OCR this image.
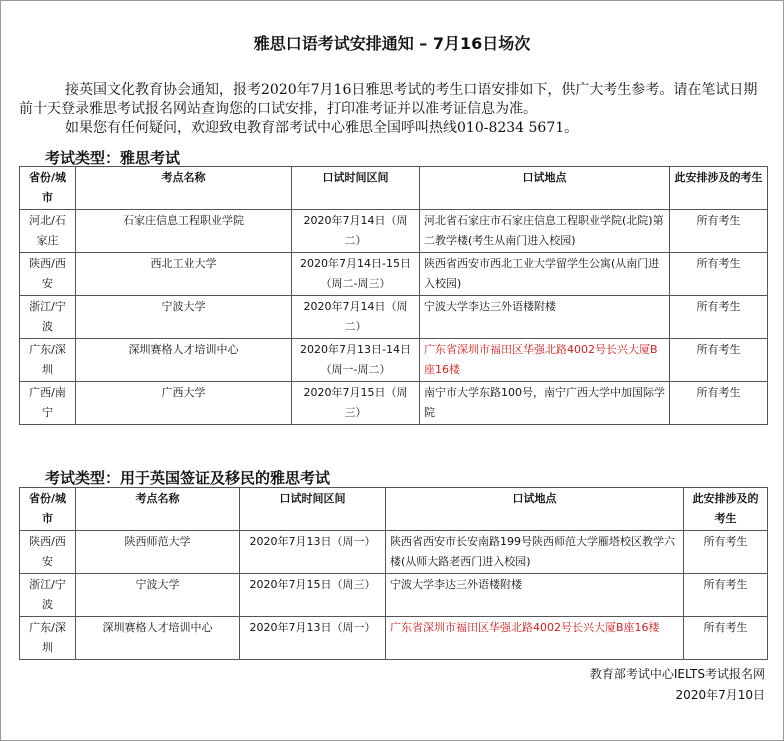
雅思口语考试安排通知 – 7月16日场次

接英国文化教育协会通知，报考2020年7月16日雅思考试的考生口语安排如下，供广大考生参考。请在笔试日期前十天登录雅思考试报名网站查询您的口试安排，打印准考证并以准考证信息为准。

如果您有任何疑问，欢迎致电教育部考试中心雅思全国呼叫热线010-8234 5671。

考试类型：雅思考试
省份/城市	考点名称	口试时间区间	口试地点	此安排涉及的考生
河北/石家庄	石家庄信息工程职业学院	2020年7月14日（周二）	河北省石家庄市石家庄信息工程职业学院(北院)第二教学楼(考生从南门进入校园)	所有考生
陕西/西安	西北工业大学	2020年7月14日-15日（周二-周三）	陕西省西安市西北工业大学留学生公寓(从南门进入校园)	所有考生
浙江/宁波	宁波大学	2020年7月14日（周二）	宁波大学李达三外语楼附楼	所有考生
广东/深圳	深圳赛格人才培训中心	2020年7月13日-14日（周一-周二）	广东省深圳市福田区华强北路4002号长兴大厦B座16楼	所有考生
广西/南宁	广西大学	2020年7月15日（周三）	南宁市大学东路100号，南宁广西大学中加国际学院	所有考生
考试类型：用于英国签证及移民的雅思考试
省份/城市	考点名称	口试时间区间	口试地点	此安排涉及的考生
陕西/西安	陕西师范大学	2020年7月13日（周一）	陕西省西安市长安南路199号陕西师范大学雁塔校区教学六楼(从师大路老西门进入校园)	所有考生
浙江/宁波	宁波大学	2020年7月15日（周三）	宁波大学李达三外语楼附楼	所有考生
广东/深圳	深圳赛格人才培训中心	2020年7月13日（周一）	广东省深圳市福田区华强北路4002号长兴大厦B座16楼	所有考生
教育部考试中心IELTS考试报名网
2020年7月10日
